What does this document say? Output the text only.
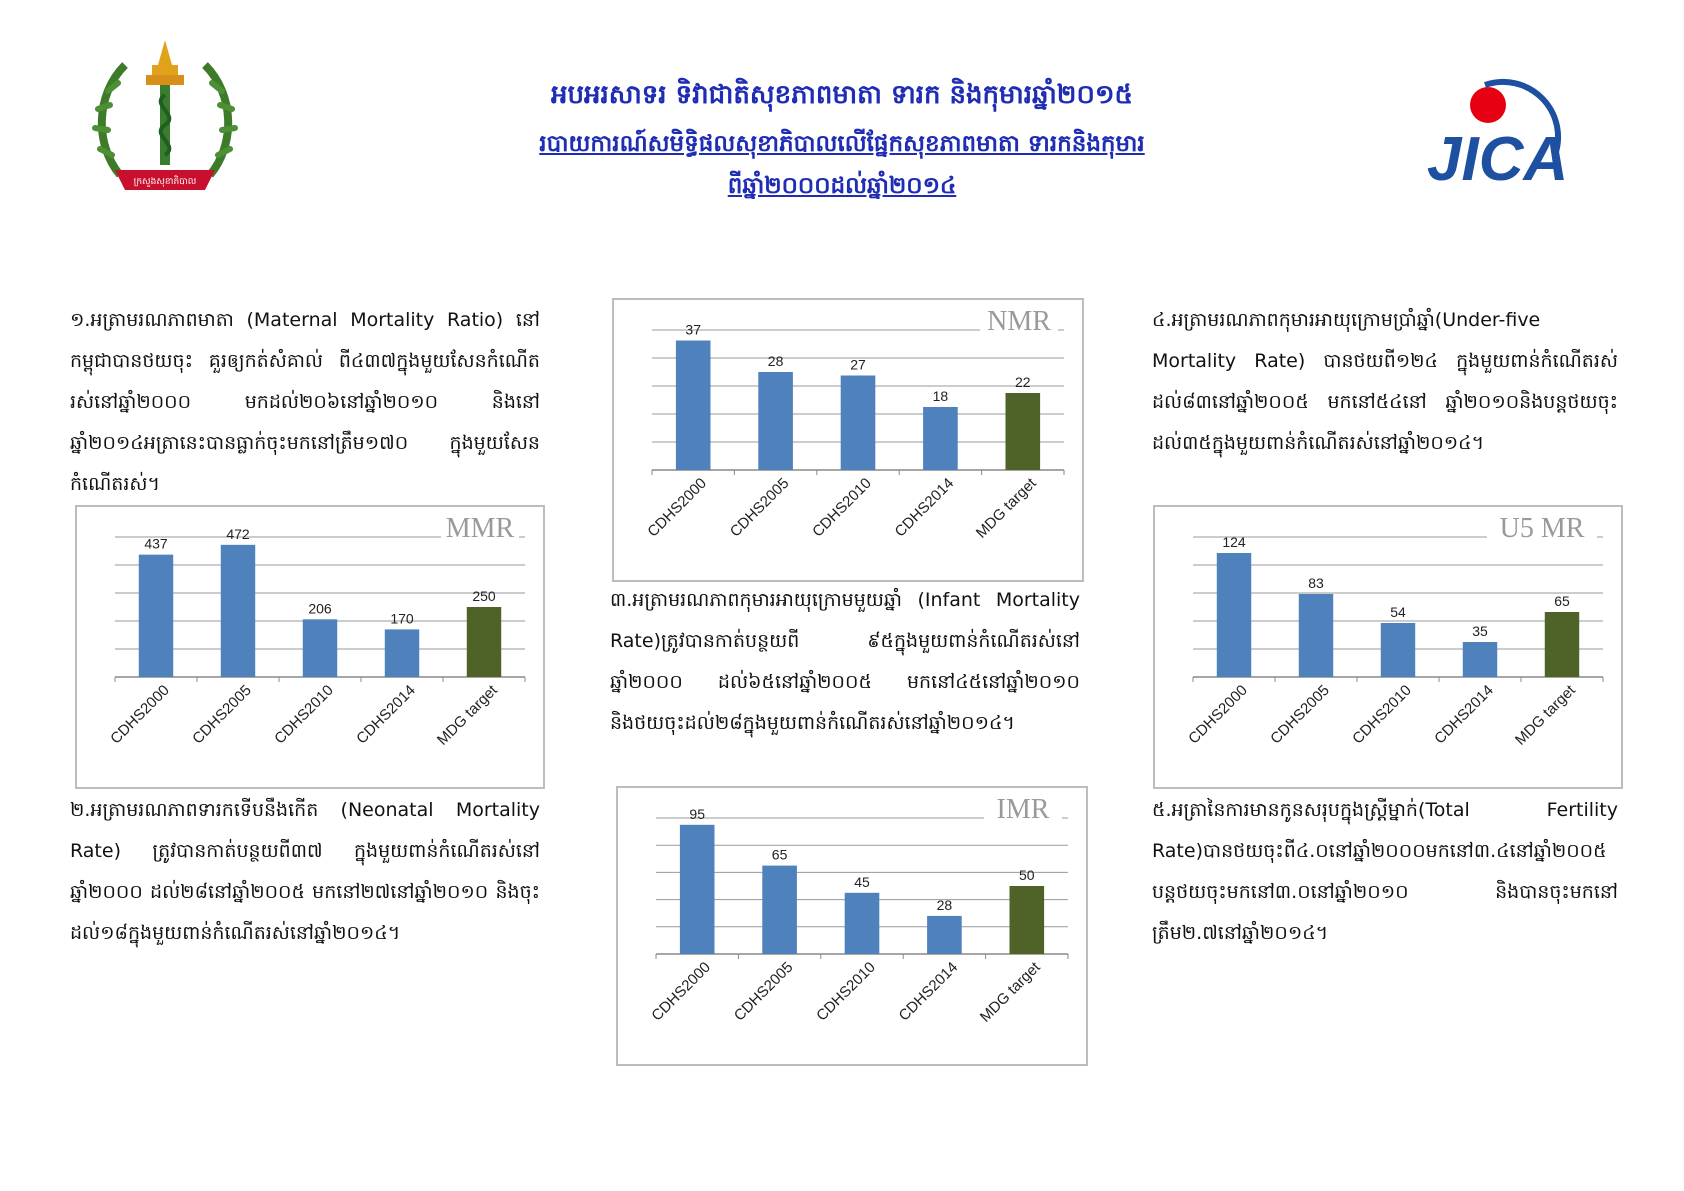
ក្រសួងសុខាភិបាល
អបអរសាទរ ទិវាជាតិសុខភាពមាតា ទារក និងកុមារឆ្នាំ២០១៥
របាយការណ៍សមិទ្ធិផលសុខាភិបាលលើផ្នែកសុខភាពមាតា ទារកនិងកុមារ
ពីឆ្នាំ២០០០ដល់ឆ្នាំ២០១៤	JICA
១.អត្រាមរណភាពមាតា (Maternal Mortality Ratio) នៅកម្ពុជាបានថយចុះ គួរឲ្យកត់សំគាល់ ពី៤៣៧ក្នុងមួយសែនកំណើតរស់នៅឆ្នាំ២០០០ មកដល់២០៦នៅឆ្នាំ២០១០ និងនៅឆ្នាំ២០១៤អត្រានេះបានធ្លាក់ចុះមកនៅត្រឹម១៧០ ក្នុងមួយសែនកំណើតរស់។
២.អត្រាមរណភាពទារកទើបនឹងកើត (Neonatal Mortality Rate) ត្រូវបានកាត់បន្ថយពី៣៧ ក្នុងមួយពាន់កំណើតរស់នៅឆ្នាំ២០០០ ដល់២៨នៅឆ្នាំ២០០៥ មកនៅ២៧នៅឆ្នាំ២០១០ និងចុះដល់១៨ក្នុងមួយពាន់កំណើតរស់នៅឆ្នាំ២០១៤។
៣.អត្រាមរណភាពកុមារអាយុក្រោមមួយឆ្នាំ (Infant Mortality Rate)ត្រូវបានកាត់បន្ថយពី ៩៥ក្នុងមួយពាន់កំណើតរស់នៅឆ្នាំ២០០០ ដល់៦៥នៅឆ្នាំ២០០៥ មកនៅ៤៥នៅឆ្នាំ២០១០ និងថយចុះដល់២៨ក្នុងមួយពាន់កំណើតរស់នៅឆ្នាំ២០១៤។
៤.អត្រាមរណភាពកុមារអាយុក្រោមប្រាំឆ្នាំ(Under-five Mortality Rate) បានថយពី១២៤ ក្នុងមួយពាន់កំណើតរស់ ដល់៨៣នៅឆ្នាំ២០០៥ មកនៅ៥៤នៅ ឆ្នាំ២០១០និងបន្តថយចុះដល់៣៥ក្នុងមួយពាន់កំណើតរស់នៅឆ្នាំ២០១៤។
៥.អត្រានៃការមានកូនសរុបក្នុងស្ត្រីម្នាក់(Total Fertility Rate)បានថយចុះពី៤.០នៅឆ្នាំ២០០០មកនៅ៣.៤នៅឆ្នាំ២០០៥ បន្តថយចុះមកនៅ៣.០នៅឆ្នាំ២០១០ និងបានចុះមកនៅត្រឹម២.៧នៅឆ្នាំ២០១៤។
437
CDHS2000
472
CDHS2005
206
CDHS2010
170
CDHS2014
250
MDG target
MMR
37
CDHS2000
28
CDHS2005
27
CDHS2010
18
CDHS2014
22
MDG target
NMR
95
CDHS2000
65
CDHS2005
45
CDHS2010
28
CDHS2014
50
MDG target
IMR
124
CDHS2000
83
CDHS2005
54
CDHS2010
35
CDHS2014
65
MDG target
U5 MR
